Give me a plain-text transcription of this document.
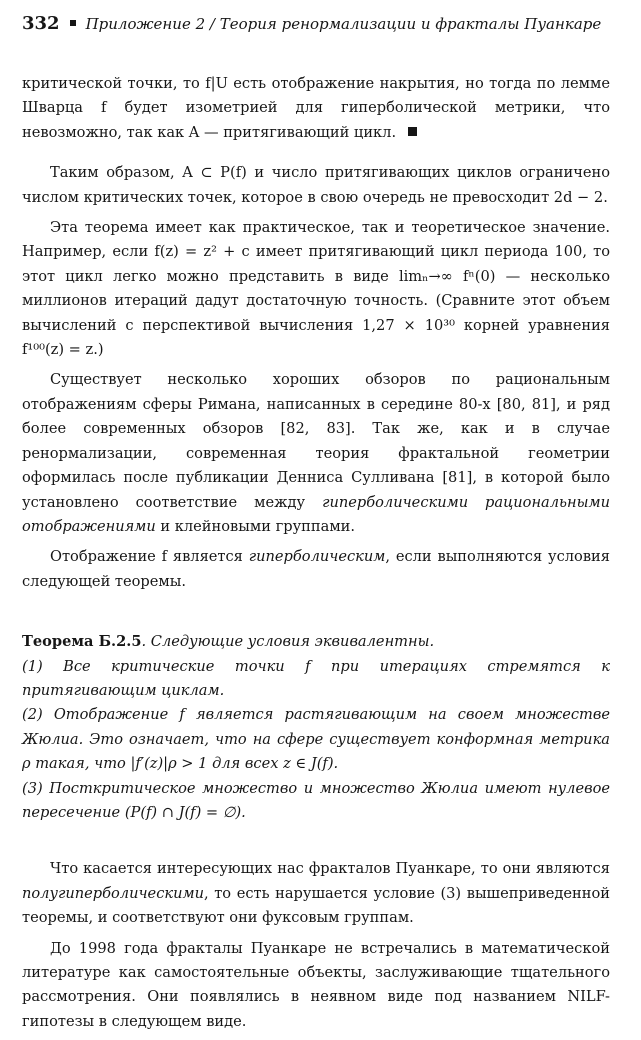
332 Приложение 2 / Теория ренормализации и фракталы Пуанкаре

критической точки, то f|U есть отображение накрытия, но тогда по лемме Шварца f будет изометрией для гиперболической метрики, что невозможно, так как A — притягивающий цикл.

Таким образом, A ⊂ P(f) и число притягивающих циклов ограничено числом критических точек, которое в свою очередь не превосходит 2d − 2.

Эта теорема имеет как практическое, так и теоретическое значение. Например, если f(z) = z² + c имеет притягивающий цикл периода 100, то этот цикл легко можно представить в виде limₙ→∞ fⁿ(0) — несколько миллионов итераций дадут достаточную точность. (Сравните этот объем вычислений с перспективой вычисления 1,27 × 10³⁰ корней уравнения f¹⁰⁰(z) = z.)

Существует несколько хороших обзоров по рациональным отображениям сферы Римана, написанных в середине 80-х [80, 81], и ряд более современных обзоров [82, 83]. Так же, как и в случае ренормализации, современная теория фрактальной геометрии оформилась после публикации Денниса Сулливана [81], в которой было установлено соответствие между гиперболическими рациональными отображениями и клейновыми группами.

Отображение f является гиперболическим, если выполняются условия следующей теоремы.

Теорема Б.2.5. Следующие условия эквивалентны.

(1) Все критические точки f при итерациях стремятся к притягивающим циклам.

(2) Отображение f является растягивающим на своем множестве Жюлиа. Это означает, что на сфере существует конформная метрика ρ такая, что |f′(z)|ρ > 1 для всех z ∈ J(f).

(3) Посткритическое множество и множество Жюлиа имеют нулевое пересечение (P(f) ∩ J(f) = ∅).

Что касается интересующих нас фракталов Пуанкаре, то они являются полугиперболическими, то есть нарушается условие (3) вышеприведенной теоремы, и соответствуют они фуксовым группам.

До 1998 года фракталы Пуанкаре не встречались в математической литературе как самостоятельные объекты, заслуживающие тщательного рассмотрения. Они появлялись в неявном виде под названием NILF-гипотезы в следующем виде.
